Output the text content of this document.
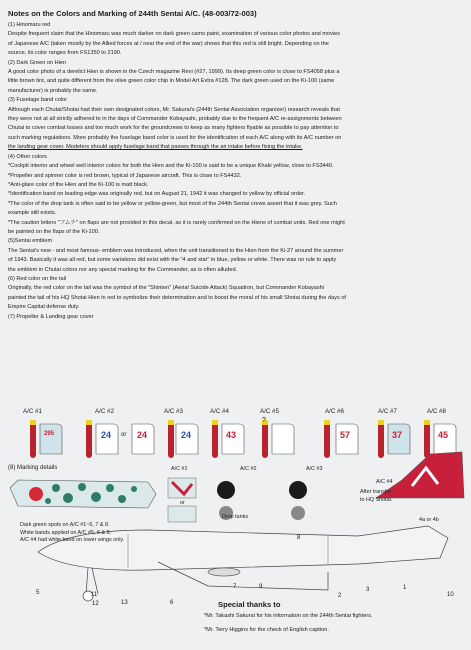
Notes on the Colors and Marking of 244th Sentai A/C. (48-003/72-003)
(1) Hinomaru red
Despite frequent claim that the Hinomaru was much darker on dark green camo paint, examination of various color photos and movies
of Japanese A/C (taken mostly by the Allied forces at / near the end of the war) shows that this red is still bright. Depending on the
source, its color ranges from FS1350 to 2190.
(2) Dark Green on Hien
A good color photo of a derelict Hien is shown in the Czech magazine Revi (#27, 1999). Its deep green color is close to FS4058 plus a
little brown tint, and quite different from the olive green color chip in Model Art Extra #128. The dark green used on the Ki-100 (same
manufacturer) is probably the same.
(3) Fuselage band color
Although each Chutai/Shotai had their own designated colors, Mr. Sakurai's (244th Sentai Association organizer) research reveals that
they were not at all strictly adhered to in the days of Commander Kobayashi, probably due to the frequent A/C re-assignments between
Chutai to cover combat losses and too much work for the groundcrews to keep as many fighters flyable as possible to pay attention to
such marking regulations. More probably the fuselage band color is used for the identification of each A/C along with its A/C number on
the landing gear cover. Modelers should apply fuselage band that passes through the air intake before fixing the intake.
(4) Other colors
*Cockpit interior and wheel well interior colors for both the Hien and the Ki-100 is said to be a unique Khaki yellow, close to FS3440.
*Propeller and spinner color is red brown, typical of Japanese aircraft. This is close to FS4432.
*Anti-glare color of the Hien and the Ki-100 is matt black.
*Identification band on leading edge was originally red, but on August 21, 1942 it was changed to yellow by official order.
*The color of the drop tank is often said to be yellow or yellow-green, but most of the 244th Sentai crews assert that it was grey. Such
example still exists.
*The caution letters "フムナ" on flaps are not provided in this decal, as it is rarely confirmed on the Hiens of combat units. Red one might
be painted on the flaps of the Ki-100.
(5)Sentai emblem
The Sentai's new - and most famous- emblem was introduced, when the unit transitioned to the Hien from the Ki-27 around the summer
of 1943. Basically it was all red, but some variations did exist with the "4 and star" in blue, yellow or white. There was no rule to apply
the emblem in Chutai colors nor any special marking for the Commander, as is often alluded.
(6) Red color on the tail
Originally, the red color on the tail was the symbol of the "Shinten" (Aerial Suicide Attack) Squadron, but Commander Kobayashi
painted the tail of his HQ Shotai Hien in red to symbolize their determination and to boost the moral of his small Shotai during the days of
Empire Capital defense duty.
(7) Propeller & Landing gear cover
A/C #1	A/C #2	A/C #3	A/C #4	A/C #5	A/C #6	A/C #7	A/C #8
295	24 or 24	24	43
?
57	37	45
(8) Marking details	A/C #1	A/C #2	A/C #3
A/C #4
or
After transfer
to HQ Shotai.
4a or 4b
Dark green spots on A/C #1~5, 7 & 8.
White bands applied on A/C #5, 6 & 8.
A/C #4 had white band on lower wings only.
Drop tanks
5	11
12	13	6
7	9
8
2
3	1
10
Special thanks to
*Mr. Takashi Sakurai for his information on the 244th Sentai fighters.
*Mr. Terry Higgins for the check of English caption.
